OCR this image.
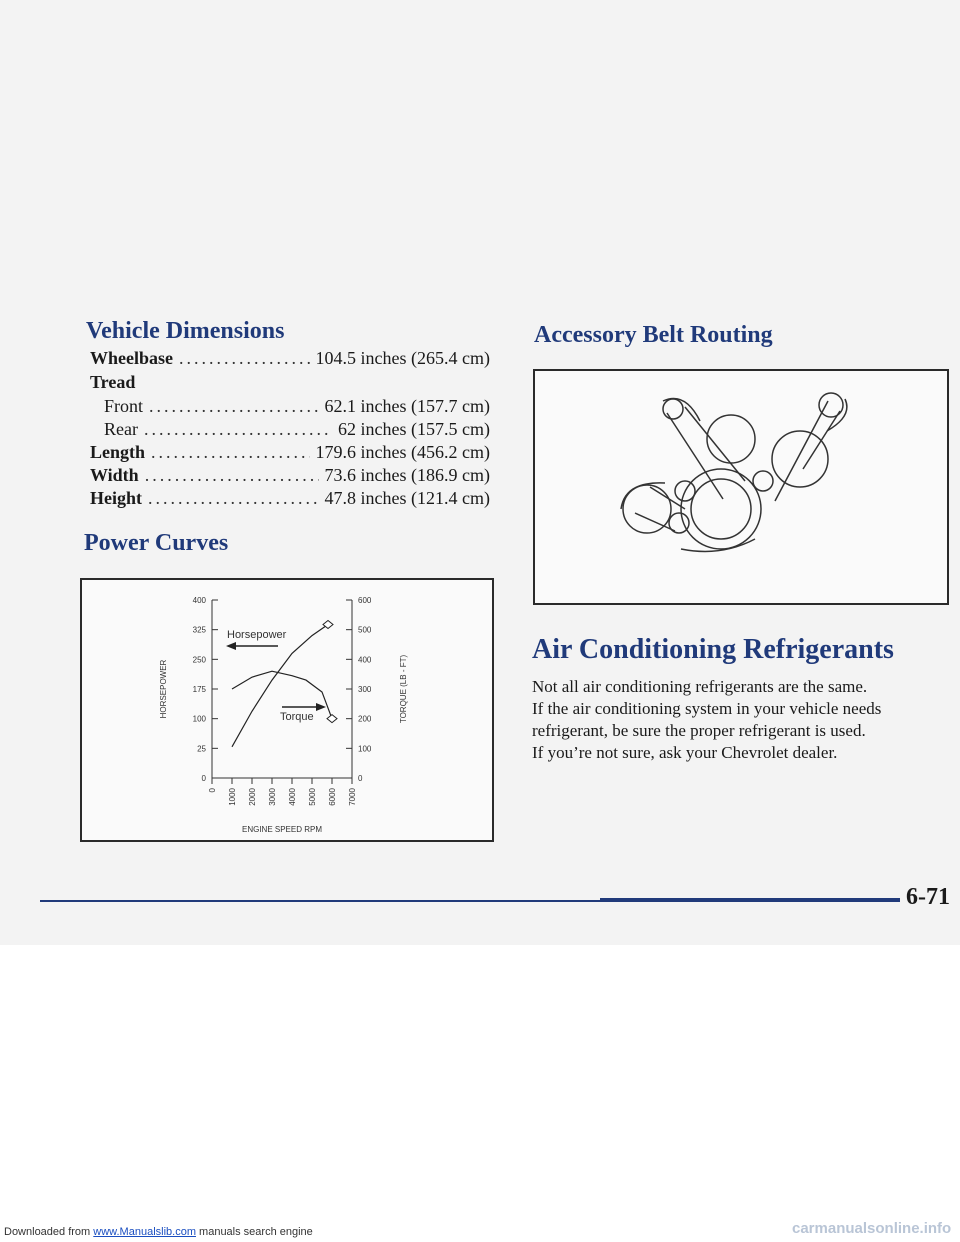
Vehicle Dimensions
Wheelbase .....	104.5 inches (265.4 cm)
Tread
Front .....	62.1 inches (157.7 cm)
Rear .....	62 inches (157.5 cm)
Length .....	179.6 inches (456.2 cm)
Width .....	73.6 inches (186.9 cm)
Height .....	47.8 inches (121.4 cm)
Power Curves
0
25
100
175
250
325
400
0
100
200
300
400
500
600
0 1000 2000 3000 4000 5000 6000 7000
ENGINE SPEED RPM
HORSEPOWER	TORQUE (LB - FT)
Horsepower
Torque
Accessory Belt Routing
Air Conditioning Refrigerants

Not all air conditioning refrigerants are the same.
If the air conditioning system in your vehicle needs
refrigerant, be sure the proper refrigerant is used.
If you’re not sure, ask your Chevrolet dealer.

6-71
Downloaded from www.Manualslib.com manuals search engine	carmanualsonline.info
